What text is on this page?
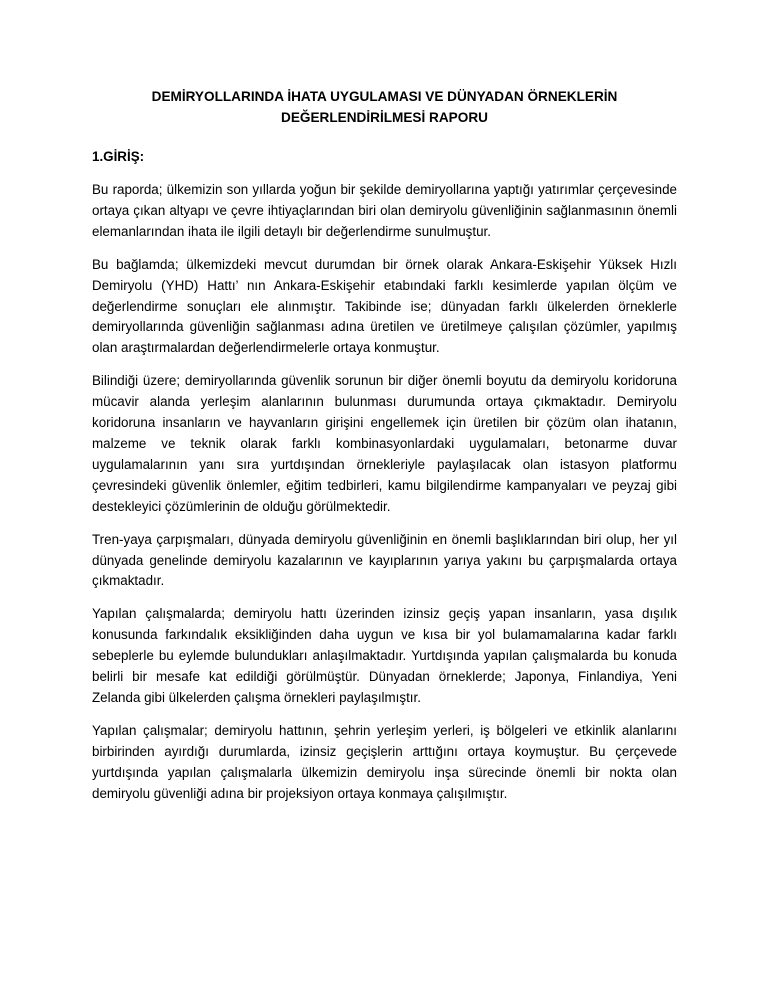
DEMİRYOLLARINDA İHATA UYGULAMASI VE DÜNYADAN ÖRNEKLERİN
DEĞERLENDİRİLMESİ RAPORU
1.GİRİŞ:

Bu raporda; ülkemizin son yıllarda yoğun bir şekilde demiryollarına yaptığı yatırımlar çerçevesinde ortaya çıkan altyapı ve çevre ihtiyaçlarından biri olan demiryolu güvenliğinin sağlanmasının önemli elemanlarından ihata ile ilgili detaylı bir değerlendirme sunulmuştur.

Bu bağlamda; ülkemizdeki mevcut durumdan bir örnek olarak Ankara-Eskişehir Yüksek Hızlı Demiryolu (YHD) Hattı’ nın Ankara-Eskişehir etabındaki farklı kesimlerde yapılan ölçüm ve değerlendirme sonuçları ele alınmıştır. Takibinde ise; dünyadan farklı ülkelerden örneklerle demiryollarında güvenliğin sağlanması adına üretilen ve üretilmeye çalışılan çözümler, yapılmış olan araştırmalardan değerlendirmelerle ortaya konmuştur.

Bilindiği üzere; demiryollarında güvenlik sorunun bir diğer önemli boyutu da demiryolu koridoruna mücavir alanda yerleşim alanlarının bulunması durumunda ortaya çıkmaktadır. Demiryolu koridoruna insanların ve hayvanların girişini engellemek için üretilen bir çözüm olan ihatanın, malzeme ve teknik olarak farklı kombinasyonlardaki uygulamaları, betonarme duvar uygulamalarının yanı sıra yurtdışından örnekleriyle paylaşılacak olan istasyon platformu çevresindeki güvenlik önlemler, eğitim tedbirleri, kamu bilgilendirme kampanyaları ve peyzaj gibi destekleyici çözümlerinin de olduğu görülmektedir.

Tren-yaya çarpışmaları, dünyada demiryolu güvenliğinin en önemli başlıklarından biri olup, her yıl dünyada genelinde demiryolu kazalarının ve kayıplarının yarıya yakını bu çarpışmalarda ortaya çıkmaktadır.

Yapılan çalışmalarda; demiryolu hattı üzerinden izinsiz geçiş yapan insanların, yasa dışılık konusunda farkındalık eksikliğinden daha uygun ve kısa bir yol bulamamalarına kadar farklı sebeplerle bu eylemde bulundukları anlaşılmaktadır. Yurtdışında yapılan çalışmalarda bu konuda belirli bir mesafe kat edildiği görülmüştür. Dünyadan örneklerde; Japonya, Finlandiya, Yeni Zelanda gibi ülkelerden çalışma örnekleri paylaşılmıştır.

Yapılan çalışmalar; demiryolu hattının, şehrin yerleşim yerleri, iş bölgeleri ve etkinlik alanlarını birbirinden ayırdığı durumlarda, izinsiz geçişlerin arttığını ortaya koymuştur. Bu çerçevede yurtdışında yapılan çalışmalarla ülkemizin demiryolu inşa sürecinde önemli bir nokta olan demiryolu güvenliği adına bir projeksiyon ortaya konmaya çalışılmıştır.
